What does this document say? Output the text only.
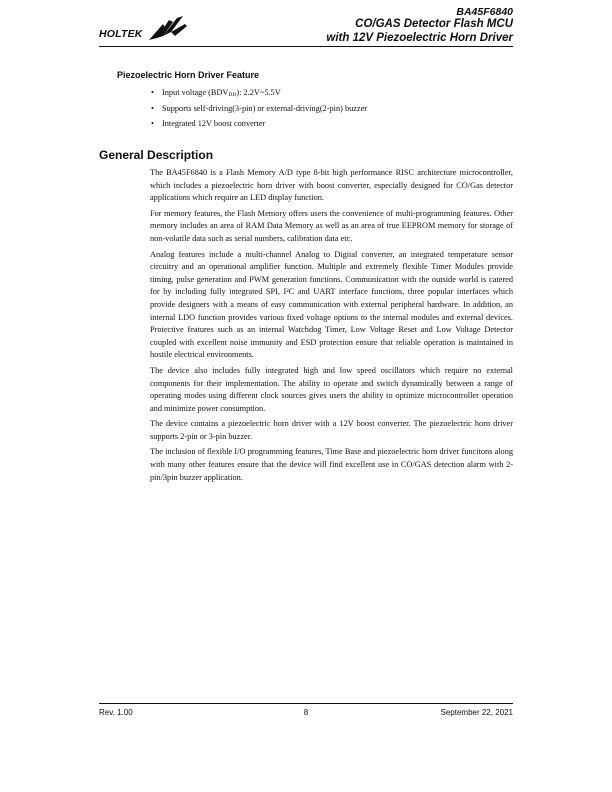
HOLTEK
BA45F6840
CO/GAS Detector Flash MCU
with 12V Piezoelectric Horn Driver
Piezoelectric Horn Driver Feature
• Input voltage (BDVDD): 2.2V~5.5V
• Supports self-driving(3-pin) or external-driving(2-pin) buzzer
• Integrated 12V boost converter
General Description

The BA45F6840 is a Flash Memory A/D type 8-bit high performance RISC architecture microcontroller, which includes a piezoelectric horn driver with boost converter, especially designed for CO/Gas detector applications which require an LED display function.

For memory features, the Flash Memory offers users the convenience of multi-programming features. Other memory includes an area of RAM Data Memory as well as an area of true EEPROM memory for storage of non-volatile data such as serial numbers, calibration data etc.

Analog features include a multi-channel Analog to Digital converter, an integrated temperature sensor circuitry and an operational amplifier function. Multiple and extremely flexible Timer Modules provide timing, pulse generation and PWM generation functions. Communication with the outside world is catered for by including fully integrated SPI, I²C and UART interface functions, three popular interfaces which provide designers with a means of easy communication with external peripheral hardware. In addition, an internal LDO function provides various fixed voltage options to the internal modules and external devices. Protective features such as an internal Watchdog Timer, Low Voltage Reset and Low Voltage Detector coupled with excellent noise immunity and ESD protection ensure that reliable operation is maintained in hostile electrical environments.

The device also includes fully integrated high and low speed oscillators which require no external components for their implementation. The ability to operate and switch dynamically between a range of operating modes using different clock sources gives users the ability to optimize microcontroller operation and minimize power consumption.

The device contains a piezoelectric horn driver with a 12V boost converter. The piezoelectric horn driver supports 2-pin or 3-pin buzzer.

The inclusion of flexible I/O programming features, Time Base and piezoelectric horn driver funcitons along with many other features ensure that the device will find excellent use in CO/GAS detection alarm with 2-pin/3pin buzzer application.

Rev. 1.00	8	September 22, 2021
